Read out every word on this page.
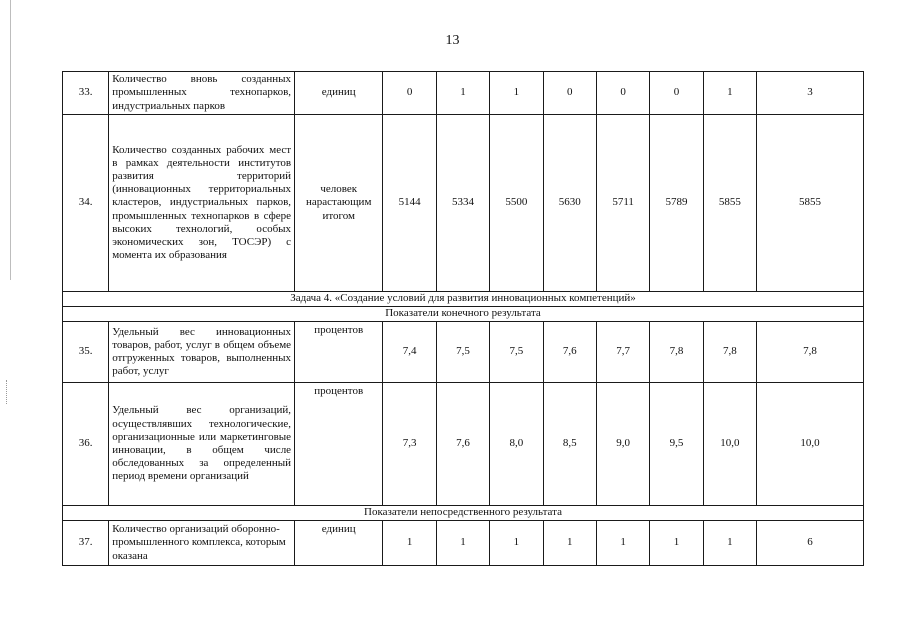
13
33.	Количество вновь созданных промышленных технопарков, индустриальных парков	единиц	0	1	1	0	0	0	1	3
34.	Количество созданных рабочих мест в рамках деятельности институтов развития территорий (инновационных территориальных кластеров, индустриальных парков, промышленных технопарков в сфере высоких технологий, особых экономических зон, ТОСЭР) с момента их образования	человек нарастающим итогом	5144	5334	5500	5630	5711	5789	5855	5855
Задача 4. «Создание условий для развития инновационных компетенций»										
Показатели конечного результата										
35.	Удельный вес инновационных товаров, работ, услуг в общем объеме отгруженных товаров, выполненных работ, услуг	процентов	7,4	7,5	7,5	7,6	7,7	7,8	7,8	7,8
36.	Удельный вес организаций, осуществлявших технологические, организационные или маркетинговые инновации, в общем числе обследованных за определенный период времени организаций	процентов	7,3	7,6	8,0	8,5	9,0	9,5	10,0	10,0
Показатели непосредственного результата										
37.	Количество организаций оборонно-промышленного комплекса, которым оказана	единиц	1	1	1	1	1	1	1	6
